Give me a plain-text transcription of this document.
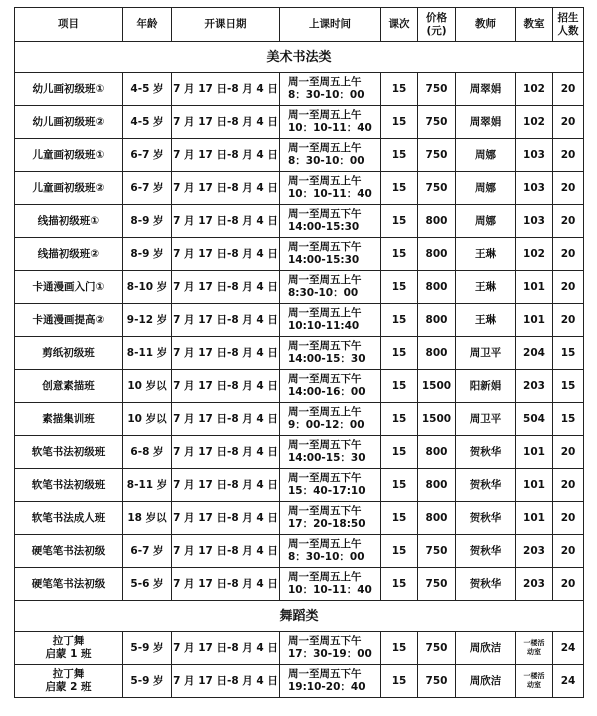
项目	年龄	开课日期	上课时间	课次	价格
(元)	教师	教室	招生
人数
美术书法类								
幼儿画初级班①	4-5 岁	7 月 17 日-8 月 4 日	周一至周五上午
8：30-10：00	15	750	周翠娟	102	20
幼儿画初级班②	4-5 岁	7 月 17 日-8 月 4 日	周一至周五上午
10：10-11：40	15	750	周翠娟	102	20
儿童画初级班①	6-7 岁	7 月 17 日-8 月 4 日	周一至周五上午
8：30-10：00	15	750	周娜	103	20
儿童画初级班②	6-7 岁	7 月 17 日-8 月 4 日	周一至周五上午
10：10-11：40	15	750	周娜	103	20
线描初级班①	8-9 岁	7 月 17 日-8 月 4 日	周一至周五下午
14:00-15:30	15	800	周娜	103	20
线描初级班②	8-9 岁	7 月 17 日-8 月 4 日	周一至周五下午
14:00-15:30	15	800	王琳	102	20
卡通漫画入门①	8-10 岁	7 月 17 日-8 月 4 日	周一至周五上午
8:30-10：00	15	800	王琳	101	20
卡通漫画提高②	9-12 岁	7 月 17 日-8 月 4 日	周一至周五上午
10:10-11:40	15	800	王琳	101	20
剪纸初级班	8-11 岁	7 月 17 日-8 月 4 日	周一至周五下午
14:00-15：30	15	800	周卫平	204	15
创意素描班	10 岁以	7 月 17 日-8 月 4 日	周一至周五下午
14:00-16：00	15	1500	阳新娟	203	15
素描集训班	10 岁以	7 月 17 日-8 月 4 日	周一至周五上午
9：00-12：00	15	1500	周卫平	504	15
软笔书法初级班	6-8 岁	7 月 17 日-8 月 4 日	周一至周五下午
14:00-15：30	15	800	贺秋华	101	20
软笔书法初级班	8-11 岁	7 月 17 日-8 月 4 日	周一至周五下午
15：40-17:10	15	800	贺秋华	101	20
软笔书法成人班	18 岁以	7 月 17 日-8 月 4 日	周一至周五下午
17：20-18:50	15	800	贺秋华	101	20
硬笔笔书法初级	6-7 岁	7 月 17 日-8 月 4 日	周一至周五上午
8：30-10：00	15	750	贺秋华	203	20
硬笔笔书法初级	5-6 岁	7 月 17 日-8 月 4 日	周一至周五上午
10：10-11：40	15	750	贺秋华	203	20
舞蹈类								
拉丁舞
启蒙 1 班	5-9 岁	7 月 17 日-8 月 4 日	周一至周五下午
17：30-19：00	15	750	周欣洁	一楼活
动室	24
拉丁舞
启蒙 2 班	5-9 岁	7 月 17 日-8 月 4 日	周一至周五下午
19:10-20：40	15	750	周欣洁	一楼活
动室	24
